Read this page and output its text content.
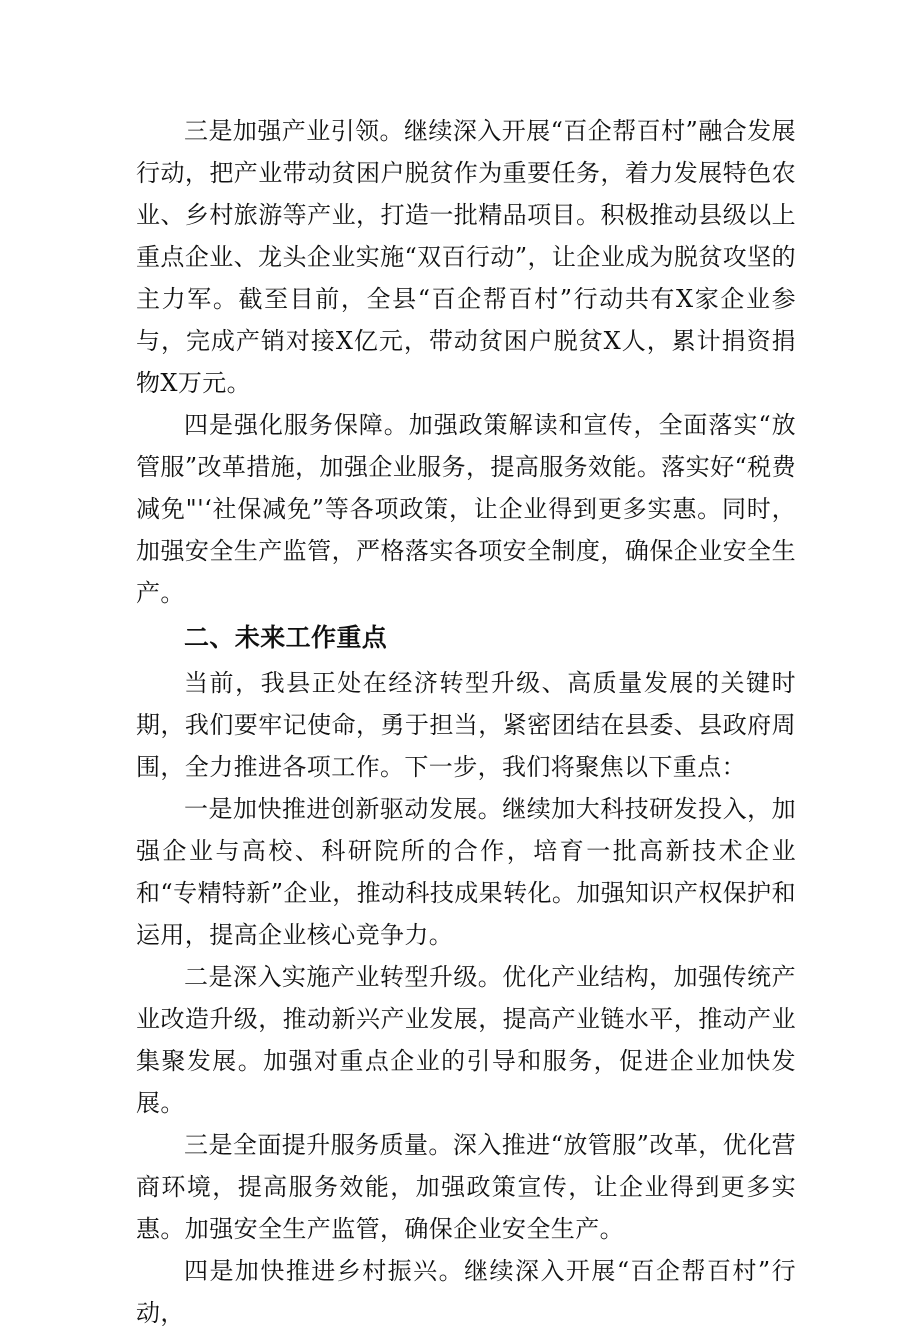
三是加强产业引领。继续深入开展“百企帮百村”融合发展行动，把产业带动贫困户脱贫作为重要任务，着力发展特色农业、乡村旅游等产业，打造一批精品项目。积极推动县级以上重点企业、龙头企业实施“双百行动”，让企业成为脱贫攻坚的主力军。截至目前，全县“百企帮百村”行动共有X家企业参与，完成产销对接X亿元，带动贫困户脱贫X人，累计捐资捐物X万元。

四是强化服务保障。加强政策解读和宣传，全面落实“放管服”改革措施，加强企业服务，提高服务效能。落实好“税费减免"'‘社保减免”等各项政策，让企业得到更多实惠。同时，加强安全生产监管，严格落实各项安全制度，确保企业安全生产。

二、未来工作重点

当前，我县正处在经济转型升级、高质量发展的关键时期，我们要牢记使命，勇于担当，紧密团结在县委、县政府周围，全力推进各项工作。下一步，我们将聚焦以下重点：

一是加快推进创新驱动发展。继续加大科技研发投入，加强企业与高校、科研院所的合作，培育一批高新技术企业和“专精特新”企业，推动科技成果转化。加强知识产权保护和运用，提高企业核心竞争力。

二是深入实施产业转型升级。优化产业结构，加强传统产业改造升级，推动新兴产业发展，提高产业链水平，推动产业集聚发展。加强对重点企业的引导和服务，促进企业加快发展。

三是全面提升服务质量。深入推进“放管服”改革，优化营商环境，提高服务效能，加强政策宣传，让企业得到更多实惠。加强安全生产监管，确保企业安全生产。

四是加快推进乡村振兴。继续深入开展“百企帮百村”行动，
